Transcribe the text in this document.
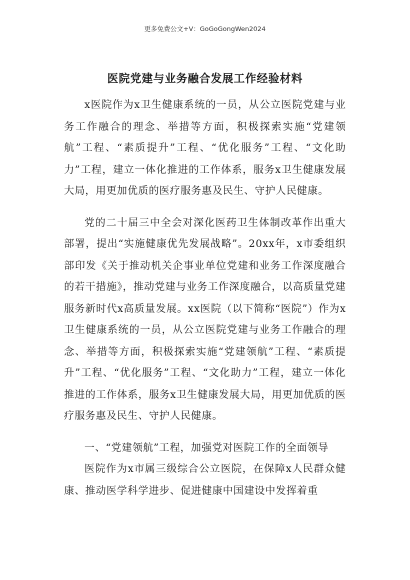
更多免费公文+V：GoGoGongWen2024
医院党建与业务融合发展工作经验材料

x医院作为x卫生健康系统的一员，从公立医院党建与业务工作融合的理念、举措等方面，积极探索实施“党建领航”工程、“素质提升”工程、“优化服务”工程、“文化助力”工程，建立一体化推进的工作体系，服务x卫生健康发展大局，用更加优质的医疗服务惠及民生、守护人民健康。

党的二十届三中全会对深化医药卫生体制改革作出重大部署，提出“实施健康优先发展战略”。20xx年，x市委组织部印发《关于推动机关企事业单位党建和业务工作深度融合的若干措施》，推动党建与业务工作深度融合，以高质量党建服务新时代x高质量发展。xx医院（以下简称“医院”）作为x卫生健康系统的一员，从公立医院党建与业务工作融合的理念、举措等方面，积极探索实施“党建领航”工程、“素质提升”工程、“优化服务”工程、“文化助力”工程，建立一体化推进的工作体系，服务x卫生健康发展大局，用更加优质的医疗服务惠及民生、守护人民健康。

一、“党建领航”工程，加强党对医院工作的全面领导

医院作为x市属三级综合公立医院，在保障x人民群众健康、推动医学科学进步、促进健康中国建设中发挥着重
